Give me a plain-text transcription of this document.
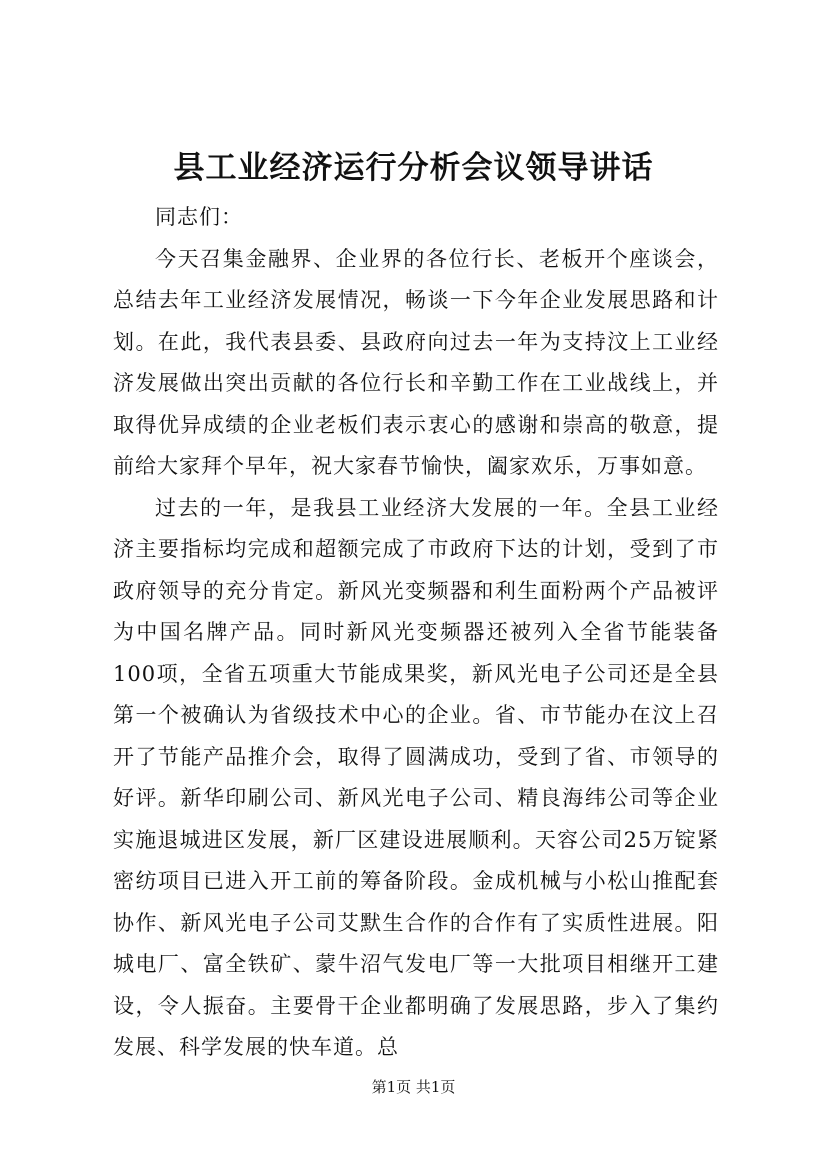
县工业经济运行分析会议领导讲话

同志们：

今天召集金融界、企业界的各位行长、老板开个座谈会，总结去年工业经济发展情况，畅谈一下今年企业发展思路和计划。在此，我代表县委、县政府向过去一年为支持汶上工业经济发展做出突出贡献的各位行长和辛勤工作在工业战线上，并取得优异成绩的企业老板们表示衷心的感谢和崇高的敬意，提前给大家拜个早年，祝大家春节愉快，阖家欢乐，万事如意。

过去的一年，是我县工业经济大发展的一年。全县工业经济主要指标均完成和超额完成了市政府下达的计划，受到了市政府领导的充分肯定。新风光变频器和利生面粉两个产品被评为中国名牌产品。同时新风光变频器还被列入全省节能装备100项，全省五项重大节能成果奖，新风光电子公司还是全县第一个被确认为省级技术中心的企业。省、市节能办在汶上召开了节能产品推介会，取得了圆满成功，受到了省、市领导的好评。新华印刷公司、新风光电子公司、精良海纬公司等企业实施退城进区发展，新厂区建设进展顺利。天容公司25万锭紧密纺项目已进入开工前的筹备阶段。金成机械与小松山推配套协作、新风光电子公司艾默生合作的合作有了实质性进展。阳城电厂、富全铁矿、蒙牛沼气发电厂等一大批项目相继开工建设，令人振奋。主要骨干企业都明确了发展思路，步入了集约发展、科学发展的快车道。总

第1页 共1页
